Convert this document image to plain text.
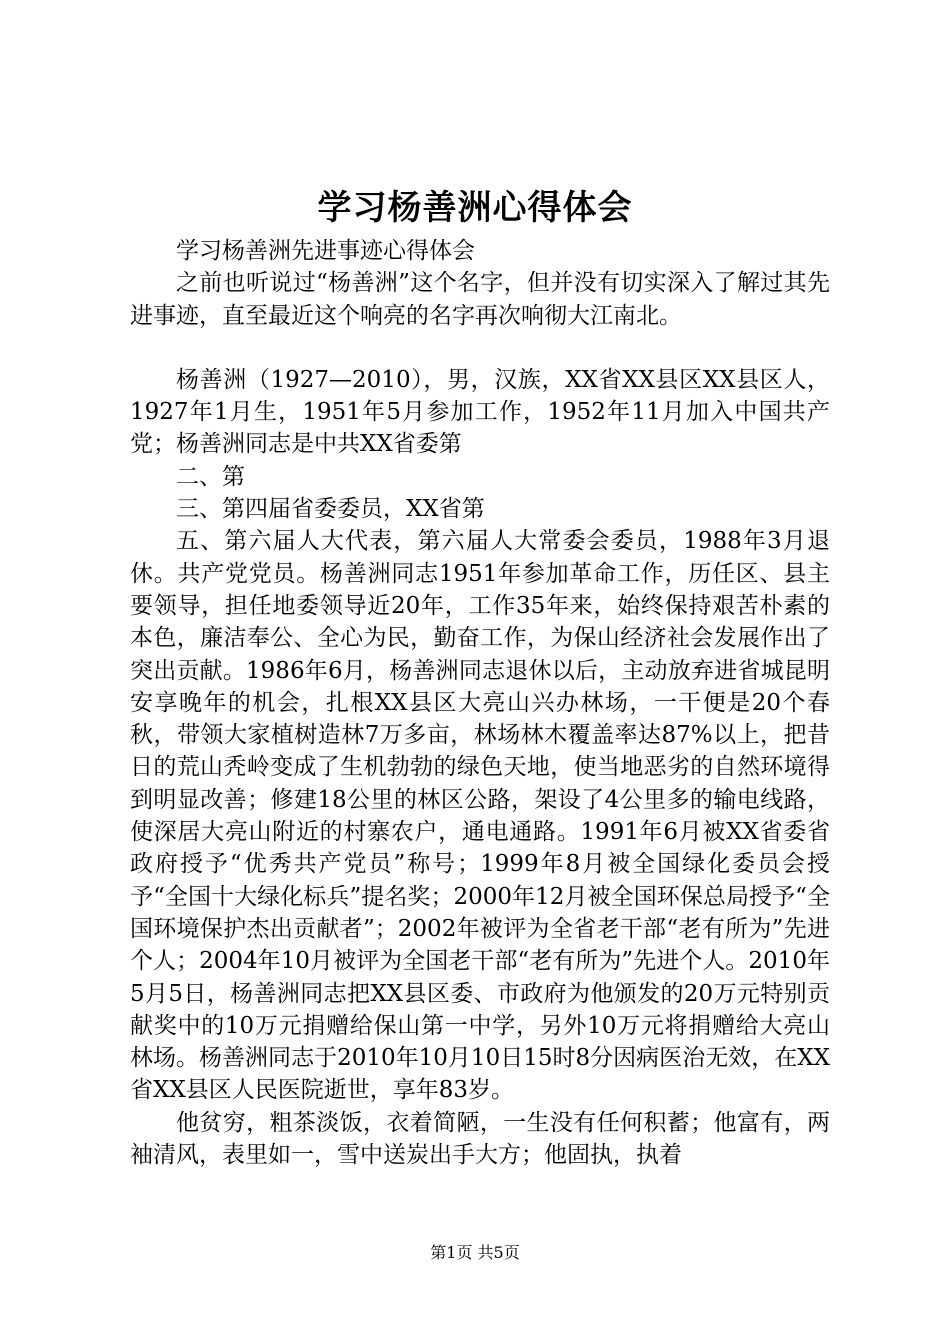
学习杨善洲心得体会

学习杨善洲先进事迹心得体会

之前也听说过“杨善洲”这个名字，但并没有切实深入了解过其先进事迹，直至最近这个响亮的名字再次响彻大江南北。

杨善洲（1927—2010），男，汉族，XX省XX县区XX县区人，1927年1月生，1951年5月参加工作，1952年11月加入中国共产党；杨善洲同志是中共XX省委第

二、第

三、第四届省委委员，XX省第

五、第六届人大代表，第六届人大常委会委员，1988年3月退休。共产党党员。杨善洲同志1951年参加革命工作，历任区、县主要领导，担任地委领导近20年，工作35年来，始终保持艰苦朴素的本色，廉洁奉公、全心为民，勤奋工作，为保山经济社会发展作出了突出贡献。1986年6月，杨善洲同志退休以后，主动放弃进省城昆明安享晚年的机会，扎根XX县区大亮山兴办林场，一干便是20个春秋，带领大家植树造林7万多亩，林场林木覆盖率达87%以上，把昔日的荒山秃岭变成了生机勃勃的绿色天地，使当地恶劣的自然环境得到明显改善；修建18公里的林区公路，架设了4公里多的输电线路，使深居大亮山附近的村寨农户，通电通路。1991年6月被XX省委省政府授予“优秀共产党员”称号；1999年8月被全国绿化委员会授予“全国十大绿化标兵”提名奖；2000年12月被全国环保总局授予“全国环境保护杰出贡献者”；2002年被评为全省老干部“老有所为”先进个人；2004年10月被评为全国老干部“老有所为”先进个人。2010年5月5日，杨善洲同志把XX县区委、市政府为他颁发的20万元特别贡献奖中的10万元捐赠给保山第一中学，另外10万元将捐赠给大亮山林场。杨善洲同志于2010年10月10日15时8分因病医治无效，在XX省XX县区人民医院逝世，享年83岁。

他贫穷，粗茶淡饭，衣着简陋，一生没有任何积蓄；他富有，两袖清风，表里如一，雪中送炭出手大方；他固执，执着

第1页 共5页
